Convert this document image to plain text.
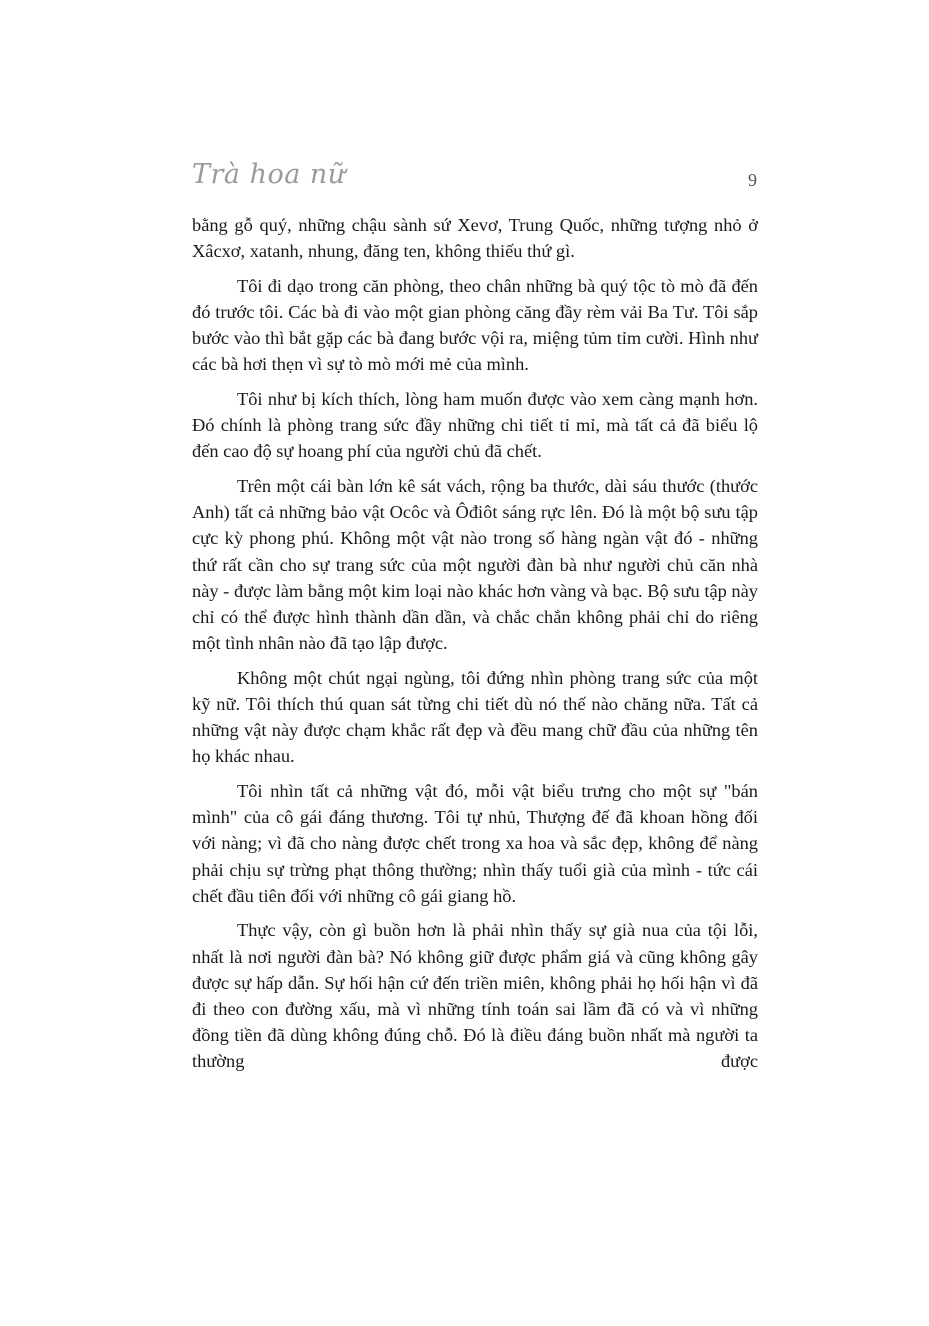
Trà hoa nữ	9

bằng gỗ quý, những chậu sành sứ Xevơ, Trung Quốc, những tượng nhỏ ở Xâcxơ, xatanh, nhung, đăng ten, không thiếu thứ gì.

Tôi đi dạo trong căn phòng, theo chân những bà quý tộc tò mò đã đến đó trước tôi. Các bà đi vào một gian phòng căng đầy rèm vải Ba Tư. Tôi sắp bước vào thì bắt gặp các bà đang bước vội ra, miệng tủm tỉm cười. Hình như các bà hơi thẹn vì sự tò mò mới mẻ của mình.

Tôi như bị kích thích, lòng ham muốn được vào xem càng mạnh hơn. Đó chính là phòng trang sức đầy những chi tiết tỉ mỉ, mà tất cả đã biểu lộ đến cao độ sự hoang phí của người chủ đã chết.

Trên một cái bàn lớn kê sát vách, rộng ba thước, dài sáu thước (thước Anh) tất cả những bảo vật Ocôc và Ôđiôt sáng rực lên. Đó là một bộ sưu tập cực kỳ phong phú. Không một vật nào trong số hàng ngàn vật đó - những thứ rất cần cho sự trang sức của một người đàn bà như người chủ căn nhà này - được làm bằng một kim loại nào khác hơn vàng và bạc. Bộ sưu tập này chỉ có thể được hình thành dần dần, và chắc chắn không phải chỉ do riêng một tình nhân nào đã tạo lập được.

Không một chút ngại ngùng, tôi đứng nhìn phòng trang sức của một kỹ nữ. Tôi thích thú quan sát từng chi tiết dù nó thế nào chăng nữa. Tất cả những vật này được chạm khắc rất đẹp và đều mang chữ đầu của những tên họ khác nhau.

Tôi nhìn tất cả những vật đó, mỗi vật biểu trưng cho một sự "bán mình" của cô gái đáng thương. Tôi tự nhủ, Thượng đế đã khoan hồng đối với nàng; vì đã cho nàng được chết trong xa hoa và sắc đẹp, không để nàng phải chịu sự trừng phạt thông thường; nhìn thấy tuổi già của mình - tức cái chết đầu tiên đối với những cô gái giang hồ.

Thực vậy, còn gì buồn hơn là phải nhìn thấy sự già nua của tội lỗi, nhất là nơi người đàn bà? Nó không giữ được phẩm giá và cũng không gây được sự hấp dẫn. Sự hối hận cứ đến triền miên, không phải họ hối hận vì đã đi theo con đường xấu, mà vì những tính toán sai lầm đã có và vì những đồng tiền đã dùng không đúng chỗ. Đó là điều đáng buồn nhất mà người ta thường được
